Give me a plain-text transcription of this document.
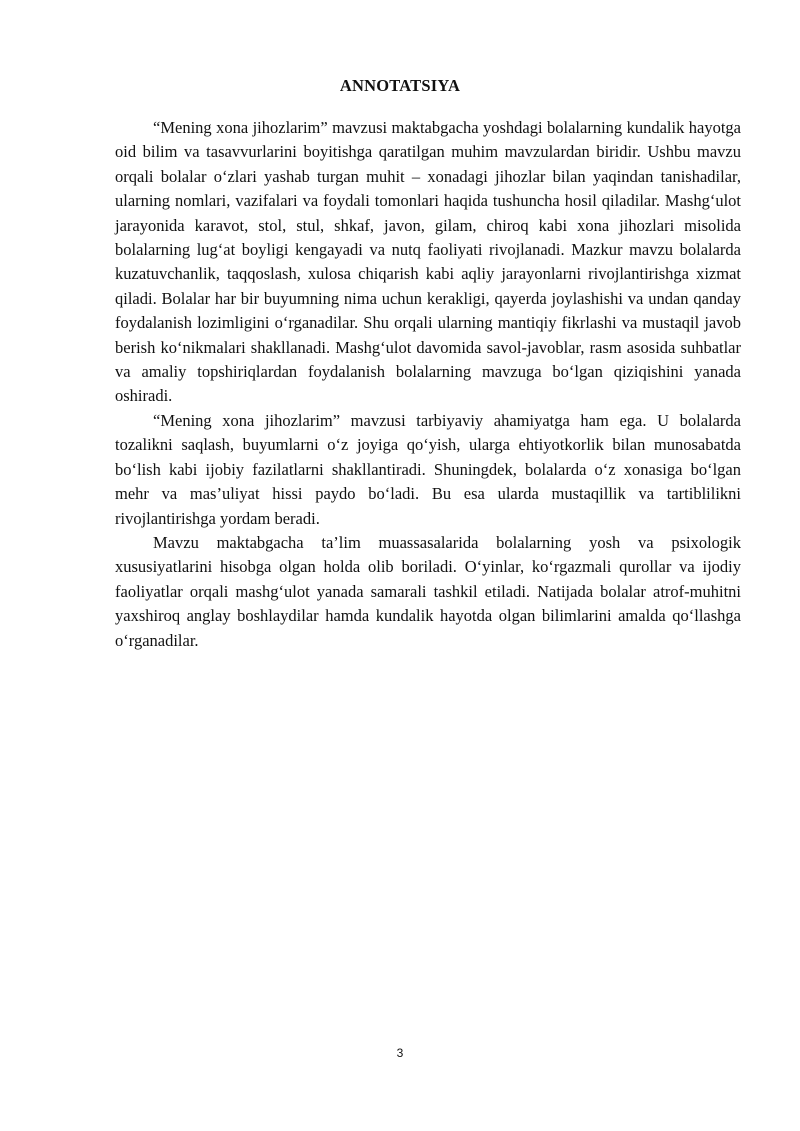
ANNOTATSIYA

“Mening xona jihozlarim” mavzusi maktabgacha yoshdagi bolalarning kundalik hayotga oid bilim va tasavvurlarini boyitishga qaratilgan muhim mavzulardan biridir. Ushbu mavzu orqali bolalar o‘zlari yashab turgan muhit – xonadagi jihozlar bilan yaqindan tanishadilar, ularning nomlari, vazifalari va foydali tomonlari haqida tushuncha hosil qiladilar. Mashg‘ulot jarayonida karavot, stol, stul, shkaf, javon, gilam, chiroq kabi xona jihozlari misolida bolalarning lug‘at boyligi kengayadi va nutq faoliyati rivojlanadi. Mazkur mavzu bolalarda kuzatuvchanlik, taqqoslash, xulosa chiqarish kabi aqliy jarayonlarni rivojlantirishga xizmat qiladi. Bolalar har bir buyumning nima uchun kerakligi, qayerda joylashishi va undan qanday foydalanish lozimligini o‘rganadilar. Shu orqali ularning mantiqiy fikrlashi va mustaqil javob berish ko‘nikmalari shakllanadi. Mashg‘ulot davomida savol-javoblar, rasm asosida suhbatlar va amaliy topshiriqlardan foydalanish bolalarning mavzuga bo‘lgan qiziqishini yanada oshiradi.

“Mening xona jihozlarim” mavzusi tarbiyaviy ahamiyatga ham ega. U bolalarda tozalikni saqlash, buyumlarni o‘z joyiga qo‘yish, ularga ehtiyotkorlik bilan munosabatda bo‘lish kabi ijobiy fazilatlarni shakllantiradi. Shuningdek, bolalarda o‘z xonasiga bo‘lgan mehr va mas’uliyat hissi paydo bo‘ladi. Bu esa ularda mustaqillik va tartiblilikni rivojlantirishga yordam beradi.

Mavzu maktabgacha ta’lim muassasalarida bolalarning yosh va psixologik xususiyatlarini hisobga olgan holda olib boriladi. O‘yinlar, ko‘rgazmali qurollar va ijodiy faoliyatlar orqali mashg‘ulot yanada samarali tashkil etiladi. Natijada bolalar atrof-muhitni yaxshiroq anglay boshlaydilar hamda kundalik hayotda olgan bilimlarini amalda qo‘llashga o‘rganadilar.

3
